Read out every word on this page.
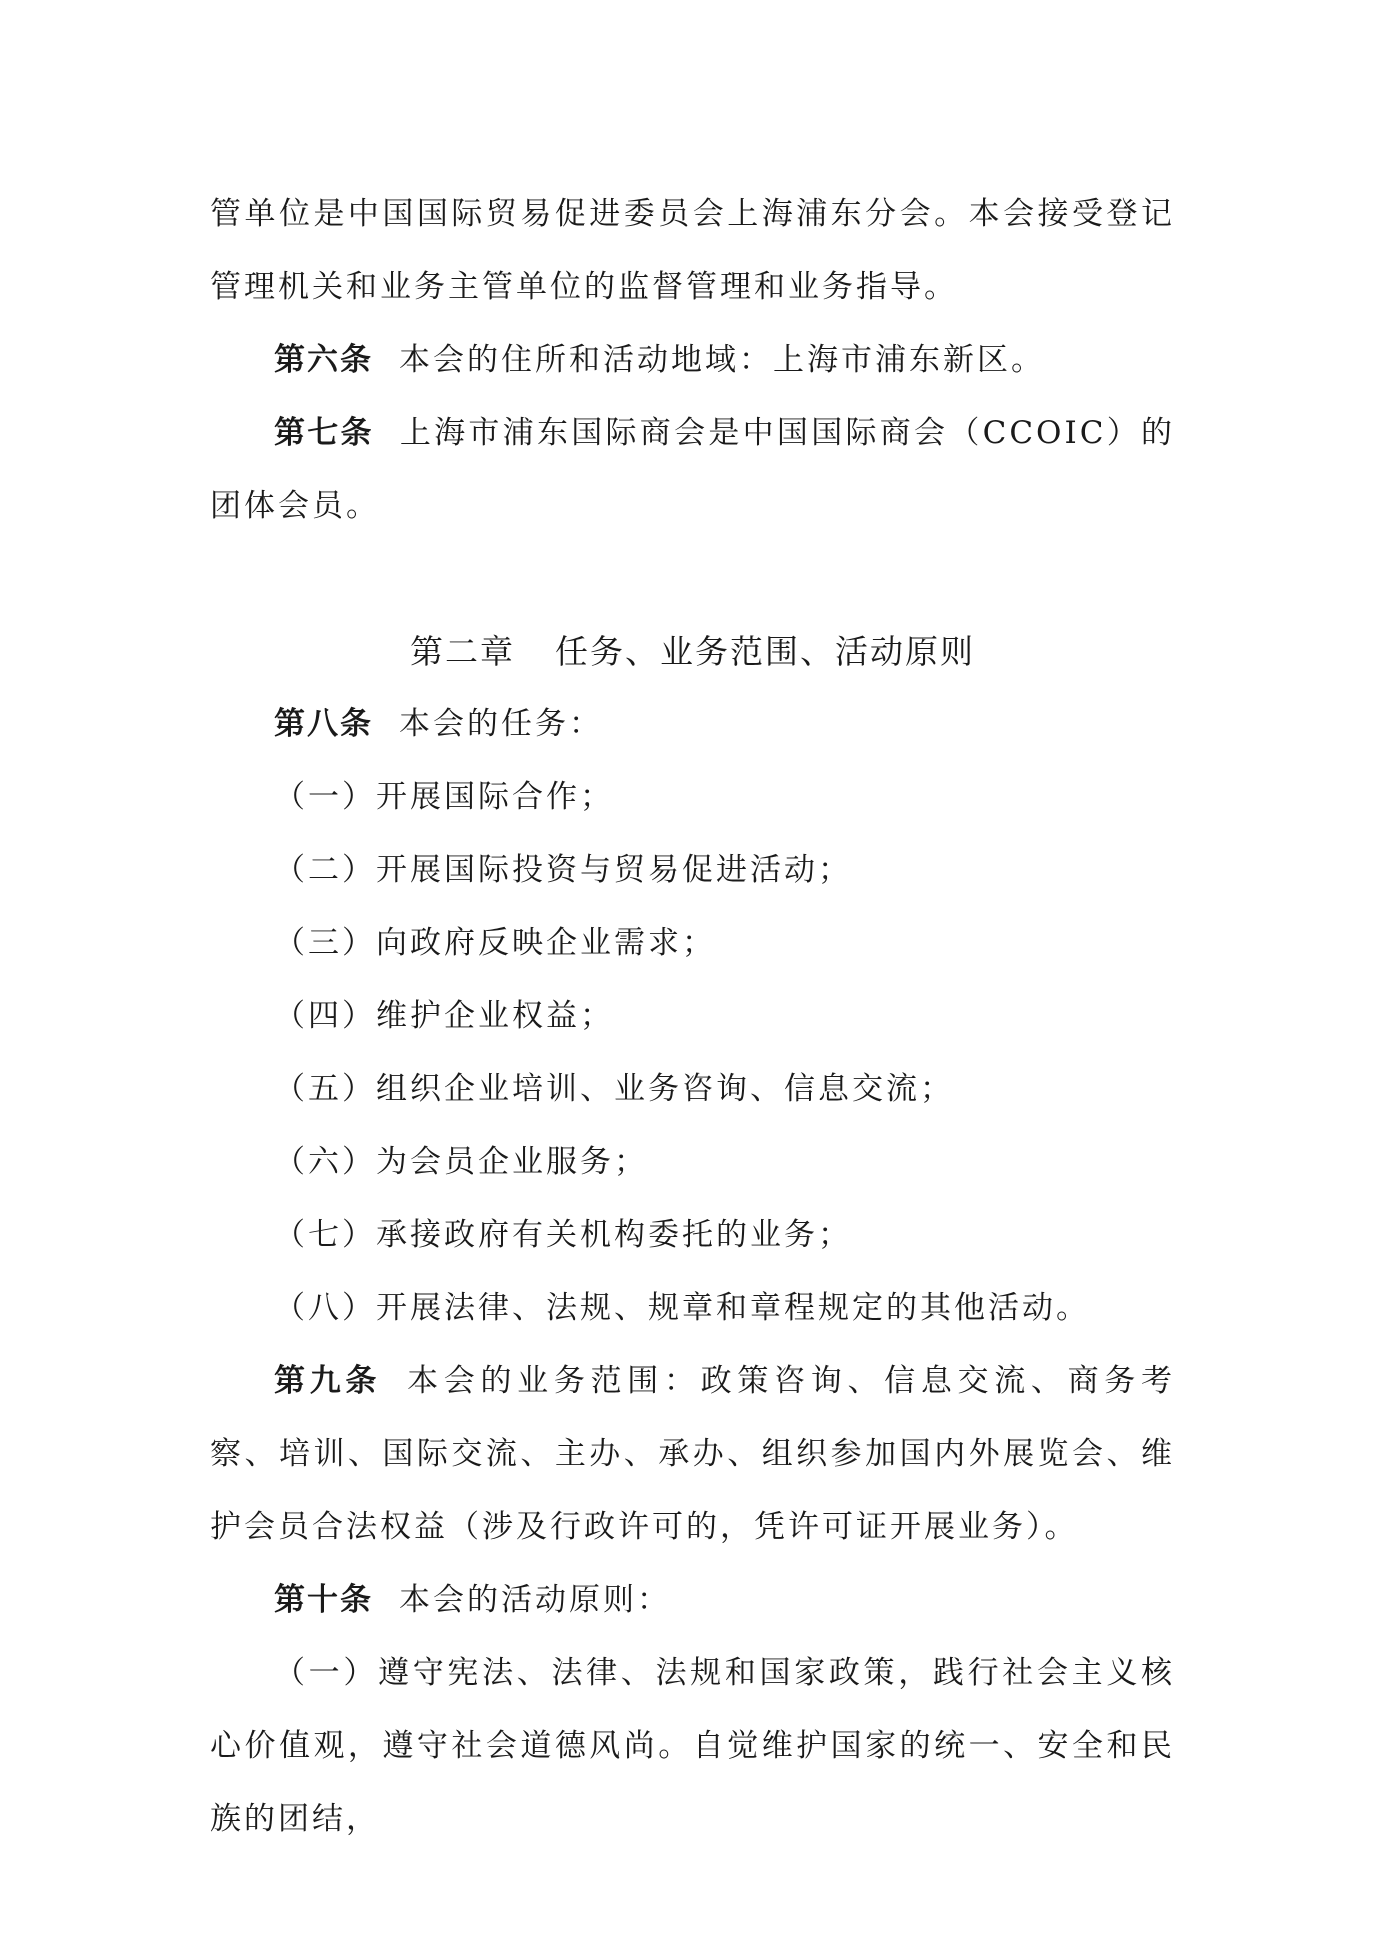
管单位是中国国际贸易促进委员会上海浦东分会。本会接受登记管理机关和业务主管单位的监督管理和业务指导。

第六条 本会的住所和活动地域：上海市浦东新区。

第七条 上海市浦东国际商会是中国国际商会（CCOIC）的团体会员。

第二章 任务、业务范围、活动原则

第八条 本会的任务：

（一）开展国际合作；

（二）开展国际投资与贸易促进活动；

（三）向政府反映企业需求；

（四）维护企业权益；

（五）组织企业培训、业务咨询、信息交流；

（六）为会员企业服务；

（七）承接政府有关机构委托的业务；

（八）开展法律、法规、规章和章程规定的其他活动。

第九条 本会的业务范围：政策咨询、信息交流、商务考察、培训、国际交流、主办、承办、组织参加国内外展览会、维护会员合法权益（涉及行政许可的，凭许可证开展业务）。

第十条 本会的活动原则：

（一）遵守宪法、法律、法规和国家政策，践行社会主义核心价值观，遵守社会道德风尚。自觉维护国家的统一、安全和民族的团结，
